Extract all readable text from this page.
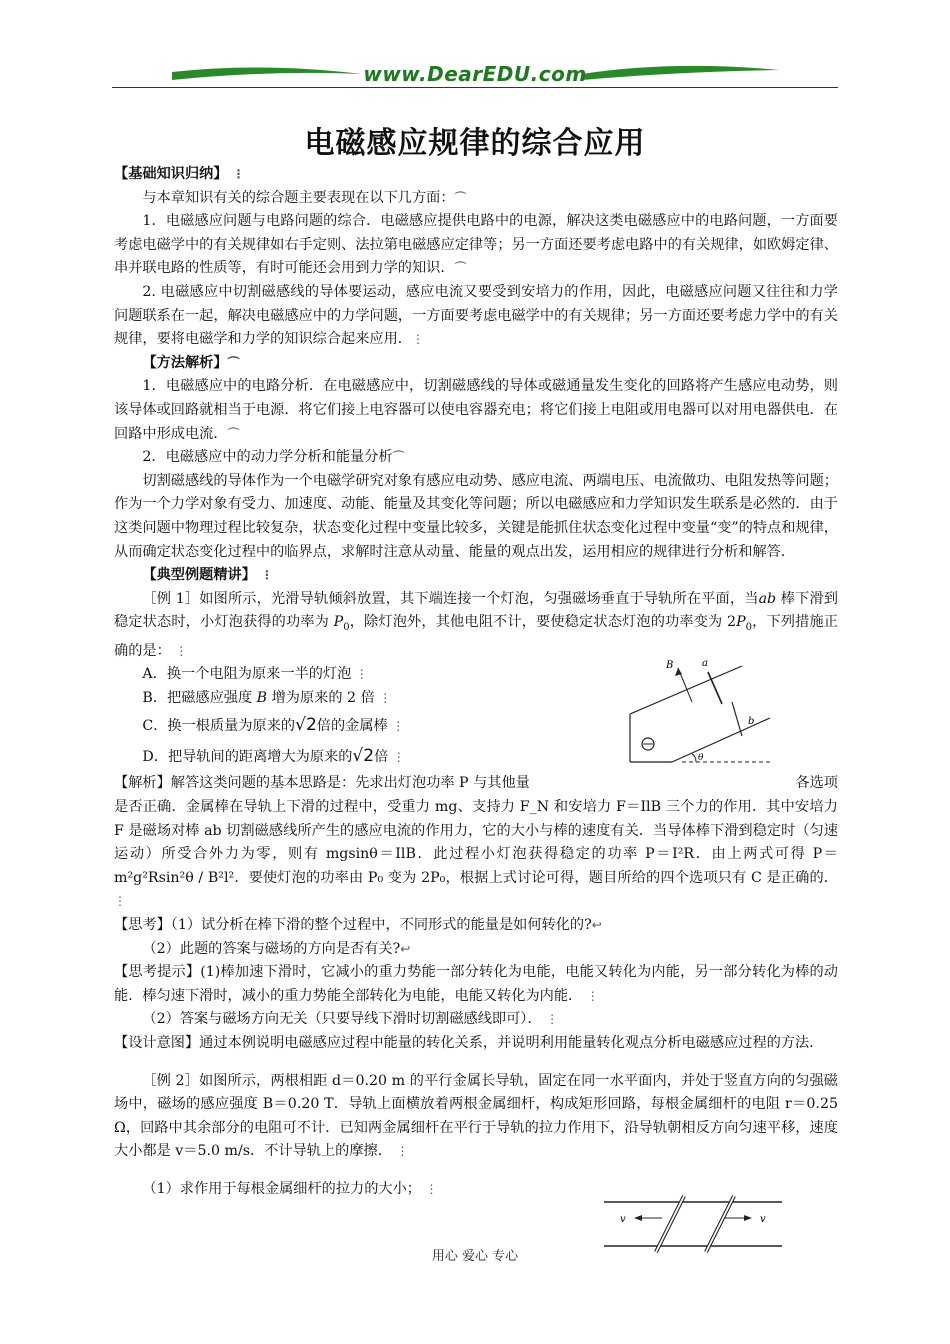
www.DearEDU.com
电磁感应规律的综合应用

【基础知识归纳】 ⋮

与本章知识有关的综合题主要表现在以下几方面：⏜

1．电磁感应问题与电路问题的综合．电磁感应提供电路中的电源，解决这类电磁感应中的电路问题，一方面要考虑电磁学中的有关规律如右手定则、法拉第电磁感应定律等；另一方面还要考虑电路中的有关规律，如欧姆定律、串并联电路的性质等，有时可能还会用到力学的知识．⏜

2. 电磁感应中切割磁感线的导体要运动，感应电流又要受到安培力的作用，因此，电磁感应问题又往往和力学问题联系在一起，解决电磁感应中的力学问题，一方面要考虑电磁学中的有关规律；另一方面还要考虑力学中的有关规律，要将电磁学和力学的知识综合起来应用．⋮

【方法解析】⏜

1．电磁感应中的电路分析．在电磁感应中，切割磁感线的导体或磁通量发生变化的回路将产生感应电动势，则该导体或回路就相当于电源．将它们接上电容器可以使电容器充电；将它们接上电阻或用电器可以对用电器供电．在回路中形成电流．⏜

2．电磁感应中的动力学分析和能量分析⏜

切割磁感线的导体作为一个电磁学研究对象有感应电动势、感应电流、两端电压、电流做功、电阻发热等问题；作为一个力学对象有受力、加速度、动能、能量及其变化等问题；所以电磁感应和力学知识发生联系是必然的．由于这类问题中物理过程比较复杂，状态变化过程中变量比较多，关键是能抓住状态变化过程中变量“变”的特点和规律，从而确定状态变化过程中的临界点，求解时注意从动量、能量的观点出发，运用相应的规律进行分析和解答．

【典型例题精讲】 ⋮

［例 1］如图所示，光滑导轨倾斜放置，其下端连接一个灯泡，匀强磁场垂直于导轨所在平面，当ab 棒下滑到稳定状态时，小灯泡获得的功率为 $P_0$，除灯泡外，其他电阻不计，要使稳定状态灯泡的功率变为 $2P_0$，下列措施正确的是： ⋮

A．换一个电阻为原来一半的灯泡 ⋮

B．把磁感应强度 B 增为原来的 2 倍 ⋮

C．换一根质量为原来的√2倍的金属棒 ⋮

D．把导轨间的距离增大为原来的√2倍 ⋮

【解析】解答这类问题的基本思路是：先求出灯泡功率 P 与其他量	各选项

是否正确．金属棒在导轨上下滑的过程中，受重力 mg、支持力 F_N 和安培力 F＝IlB 三个力的作用．其中安培力 F 是磁场对棒 ab 切割磁感线所产生的感应电流的作用力，它的大小与棒的速度有关．当导体棒下滑到稳定时（匀速运动）所受合外力为零，则有 mgsinθ＝IlB．此过程小灯泡获得稳定的功率 P＝I²R．由上两式可得 P＝m²g²Rsin²θ / B²l²．要使灯泡的功率由 P₀ 变为 2P₀，根据上式讨论可得，题目所给的四个选项只有 C 是正确的． ⋮

【思考】（1）试分析在棒下滑的整个过程中，不同形式的能量是如何转化的?↩

（2）此题的答案与磁场的方向是否有关?↩

【思考提示】(1)棒加速下滑时，它减小的重力势能一部分转化为电能，电能又转化为内能，另一部分转化为棒的动能．棒匀速下滑时，减小的重力势能全部转化为电能，电能又转化为内能． ⋮

（2）答案与磁场方向无关（只要导线下滑时切割磁感线即可）． ⋮

【设计意图】通过本例说明电磁感应过程中能量的转化关系，并说明利用能量转化观点分析电磁感应过程的方法．

［例 2］如图所示，两根相距 d＝0.20 m 的平行金属长导轨，固定在同一水平面内，并处于竖直方向的匀强磁场中，磁场的感应强度 B＝0.20 T．导轨上面横放着两根金属细杆，构成矩形回路，每根金属细杆的电阻 r＝0.25 Ω，回路中其余部分的电阻可不计．已知两金属细杆在平行于导轨的拉力作用下，沿导轨朝相反方向匀速平移，速度大小都是 v＝5.0 m/s．不计导轨上的摩擦． ⋮

（1）求作用于每根金属细杆的拉力的大小； ⋮

B	a
b
θ
v	v
用心 爱心 专心
